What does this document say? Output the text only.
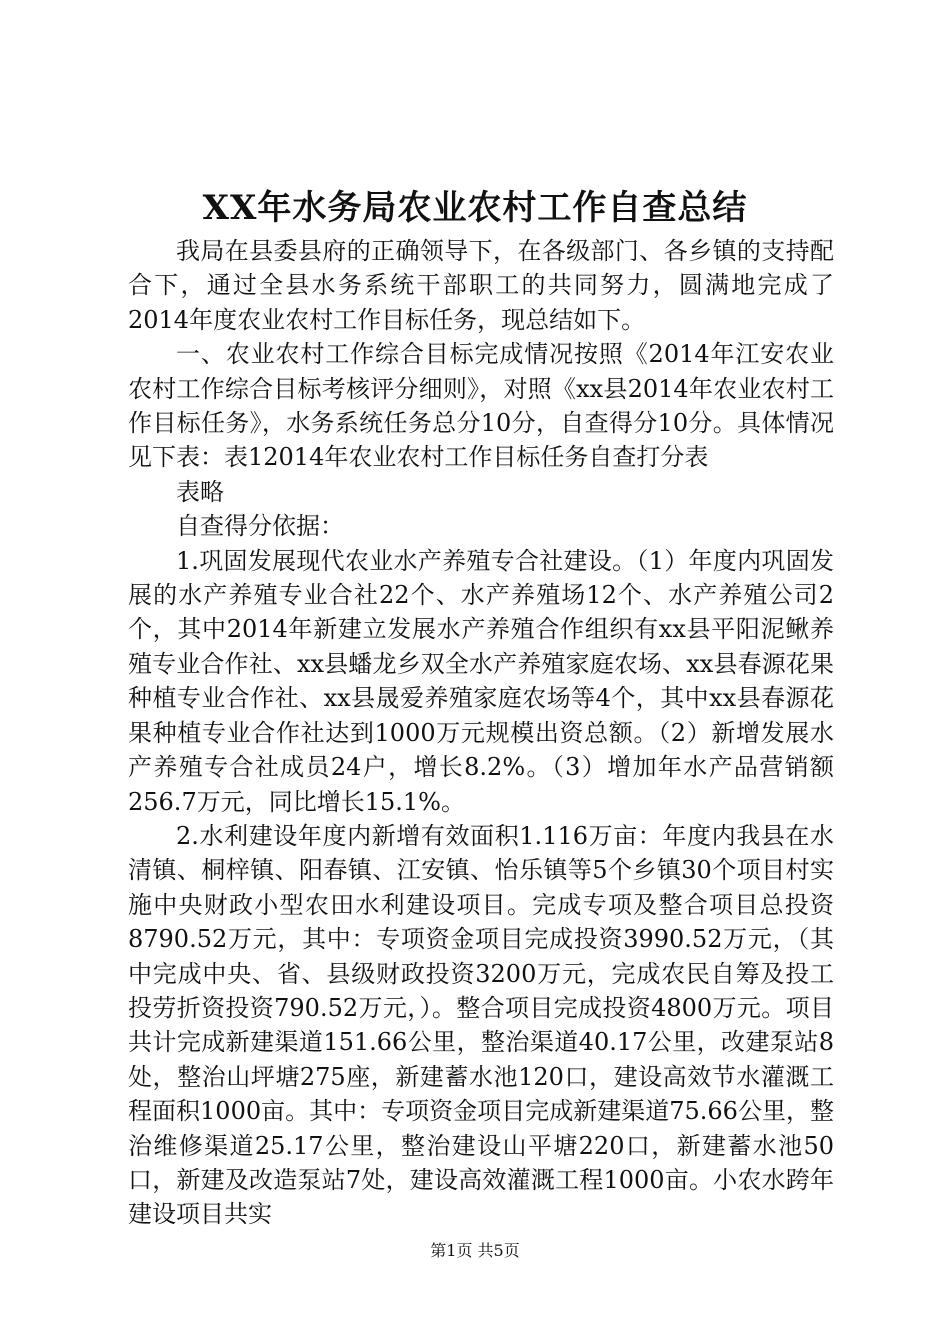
XX年水务局农业农村工作自查总结

我局在县委县府的正确领导下，在各级部门、各乡镇的支持配合下，通过全县水务系统干部职工的共同努力，圆满地完成了2014年度农业农村工作目标任务，现总结如下。

一、农业农村工作综合目标完成情况按照《2014年江安农业农村工作综合目标考核评分细则》，对照《xx县2014年农业农村工作目标任务》，水务系统任务总分10分，自查得分10分。具体情况见下表：表12014年农业农村工作目标任务自查打分表

表略

自查得分依据：

1.巩固发展现代农业水产养殖专合社建设。（1）年度内巩固发展的水产养殖专业合社22个、水产养殖场12个、水产养殖公司2个，其中2014年新建立发展水产养殖合作组织有xx县平阳泥鳅养殖专业合作社、xx县蟠龙乡双全水产养殖家庭农场、xx县春源花果种植专业合作社、xx县晟爱养殖家庭农场等4个，其中xx县春源花果种植专业合作社达到1000万元规模出资总额。（2）新增发展水产养殖专合社成员24户，增长8.2%。（3）增加年水产品营销额256.7万元，同比增长15.1%。

2.水利建设年度内新增有效面积1.116万亩：年度内我县在水清镇、桐梓镇、阳春镇、江安镇、怡乐镇等5个乡镇30个项目村实施中央财政小型农田水利建设项目。完成专项及整合项目总投资8790.52万元，其中：专项资金项目完成投资3990.52万元，（其中完成中央、省、县级财政投资3200万元，完成农民自筹及投工投劳折资投资790.52万元，）。整合项目完成投资4800万元。项目共计完成新建渠道151.66公里，整治渠道40.17公里，改建泵站8处，整治山坪塘275座，新建蓄水池120口，建设高效节水灌溉工程面积1000亩。其中：专项资金项目完成新建渠道75.66公里，整治维修渠道25.17公里，整治建设山平塘220口，新建蓄水池50口，新建及改造泵站7处，建设高效灌溉工程1000亩。小农水跨年建设项目共实

第1页 共5页
